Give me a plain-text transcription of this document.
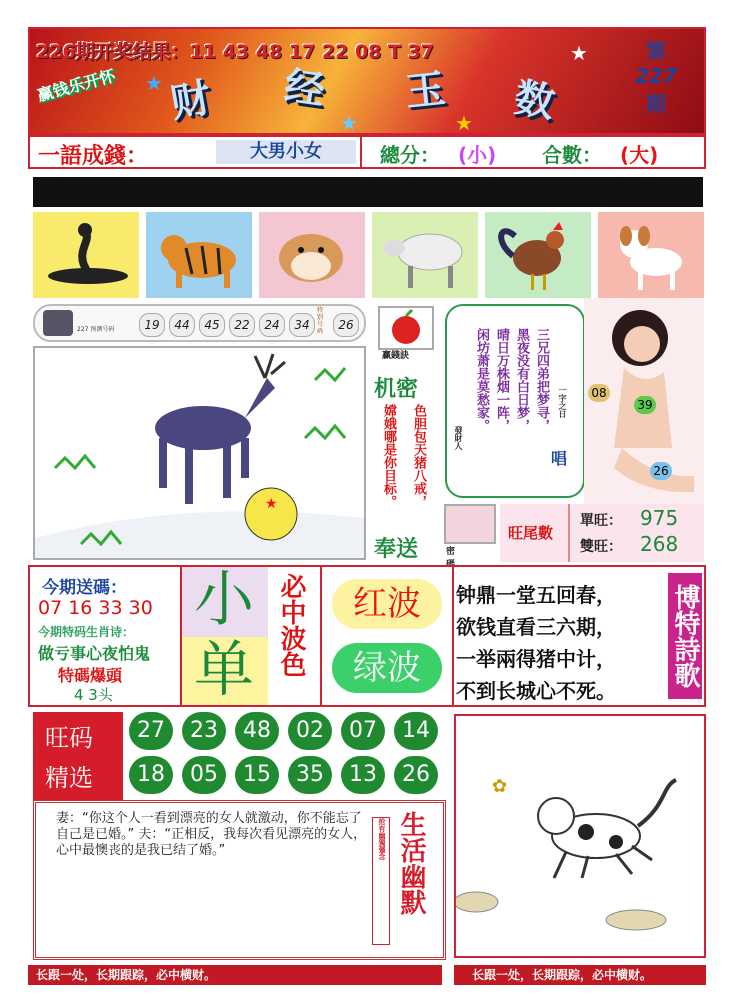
226期开奖结果：11 43 48 17 22 08 T 37
赢钱乐开怀 财 经 玉 数
★
★	★
★	第
227
期
一語成錢：	大男小女	總分： (小) 合數： (大)
227 预测号码	19	44	45	22	24	34
特别号码	26
★
赢錢訣
机密
色胆包天猪八戒，
嫦娥哪是你目标。
奉送	密
三兄四弟把梦寻，
黑夜没有白日梦，
晴日万株烟一阵，
闲坊萧是莫愁家。	一字之日
發財人
唱
08
39
26
旺尾數
單旺： 975
雙旺： 268
今期送碼：
07 16 33 30
今期特码生肖诗：
做亏事心夜怕鬼
特碼爆頭
4 3头
小
单 必中波色	红波
绿波
钟鼎一堂五回春，
欲钱直看三六期，
一举兩得猪中计，
不到长城心不死。
博特詩歌
旺码
精选
27	23	48	02	07	14
18	05	15	35	13	26
妻：“你这个人一看到漂亮的女人就激动，你不能忘了自己是已婚。” 夫：“正相反，我每次看见漂亮的女人，心中最懊丧的是我已结了婚。”	抢有幽獨彊念 生活幽默
✿
长跟一处，长期跟踪，必中横财。	长跟一处，长期跟踪，必中横财。
